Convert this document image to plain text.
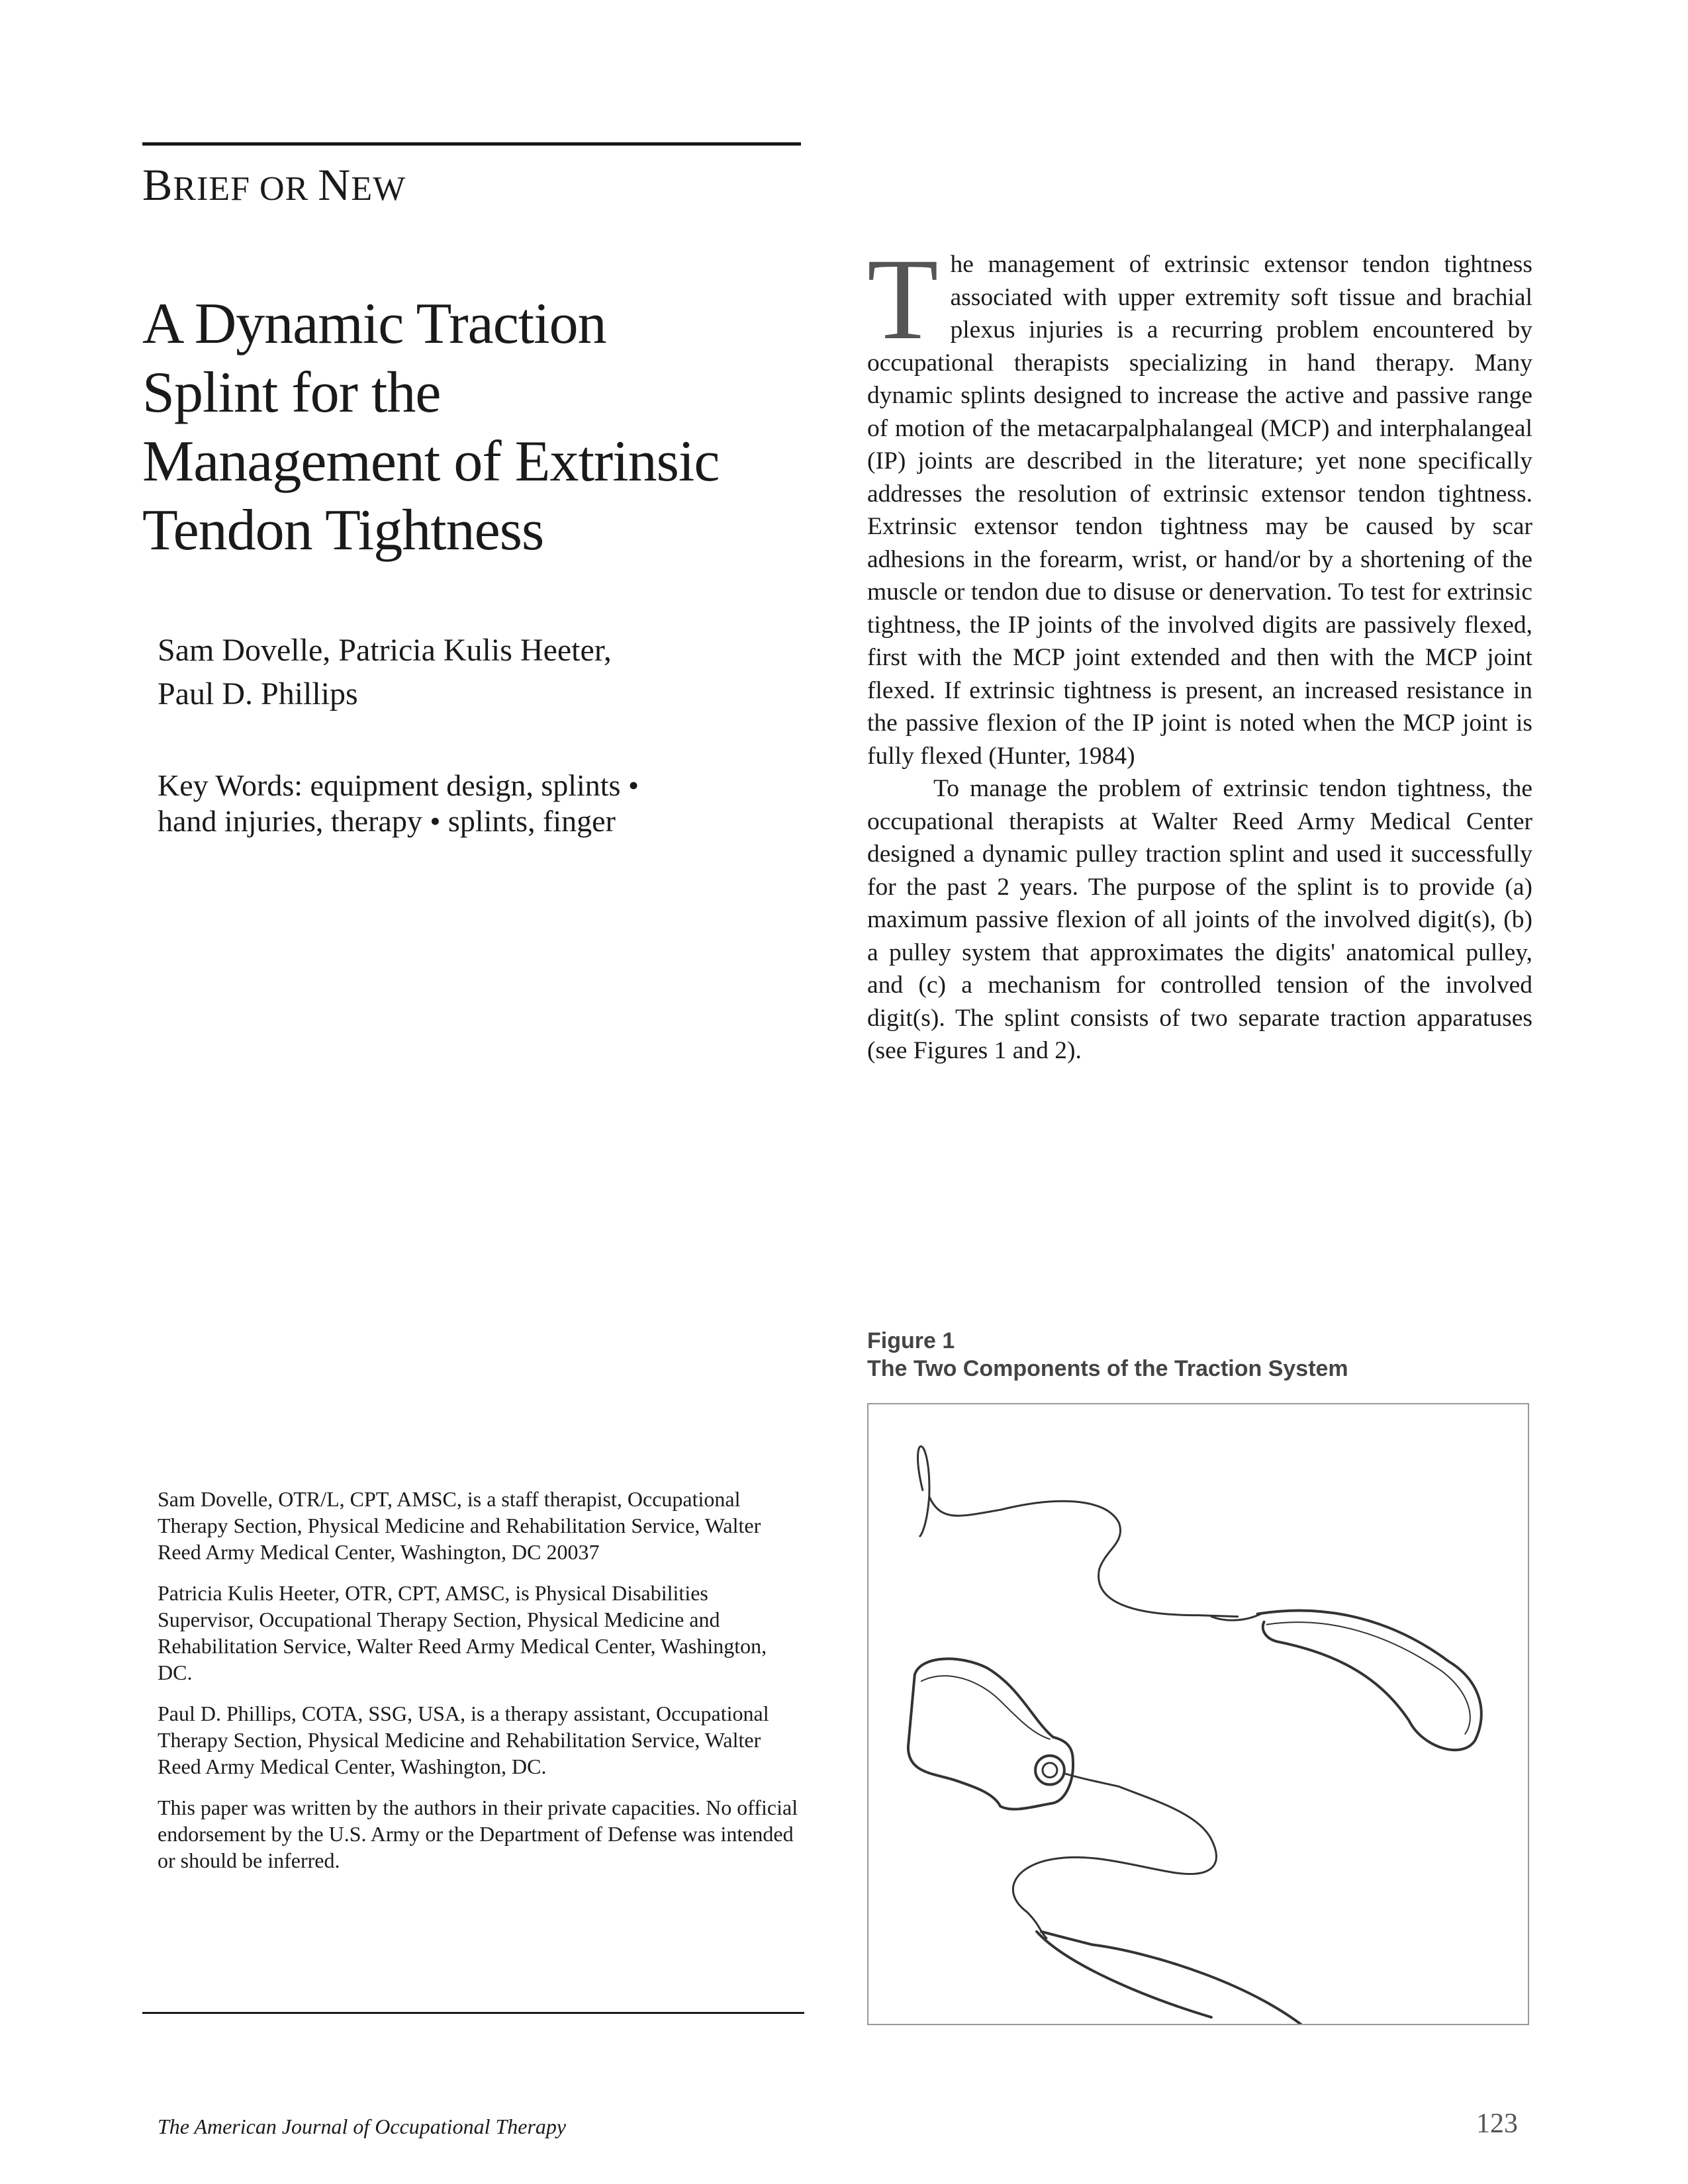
BRIEF OR NEW
A Dynamic Traction
Splint for the
Management of Extrinsic
Tendon Tightness
Sam Dovelle, Patricia Kulis Heeter,
Paul D. Phillips
Key Words: equipment design, splints •
hand injuries, therapy • splints, finger

The management of extrinsic extensor tendon tightness associated with upper extremity soft tissue and brachial plexus injuries is a recurring problem encountered by occupational therapists specializing in hand therapy. Many dynamic splints designed to increase the active and passive range of motion of the metacarpalphalangeal (MCP) and interphalangeal (IP) joints are described in the literature; yet none specifically addresses the resolution of extrinsic extensor tendon tightness. Extrinsic extensor tendon tightness may be caused by scar adhesions in the forearm, wrist, or hand/or by a shortening of the muscle or tendon due to disuse or denervation. To test for extrinsic tightness, the IP joints of the involved digits are passively flexed, first with the MCP joint extended and then with the MCP joint flexed. If extrinsic tightness is present, an increased resistance in the passive flexion of the IP joint is noted when the MCP joint is fully flexed (Hunter, 1984)

To manage the problem of extrinsic tendon tightness, the occupational therapists at Walter Reed Army Medical Center designed a dynamic pulley traction splint and used it successfully for the past 2 years. The purpose of the splint is to provide (a) maximum passive flexion of all joints of the involved digit(s), (b) a pulley system that approximates the digits' anatomical pulley, and (c) a mechanism for controlled tension of the involved digit(s). The splint consists of two separate traction apparatuses (see Figures 1 and 2).

Figure 1
The Two Components of the Traction System

Sam Dovelle, OTR/L, CPT, AMSC, is a staff therapist, Occupational Therapy Section, Physical Medicine and Rehabilitation Service, Walter Reed Army Medical Center, Washington, DC 20037

Patricia Kulis Heeter, OTR, CPT, AMSC, is Physical Disabilities Supervisor, Occupational Therapy Section, Physical Medicine and Rehabilitation Service, Walter Reed Army Medical Center, Washington, DC.

Paul D. Phillips, COTA, SSG, USA, is a therapy assistant, Occupational Therapy Section, Physical Medicine and Rehabilitation Service, Walter Reed Army Medical Center, Washington, DC.

This paper was written by the authors in their private capacities. No official endorsement by the U.S. Army or the Department of Defense was intended or should be inferred.

The American Journal of Occupational Therapy	123
